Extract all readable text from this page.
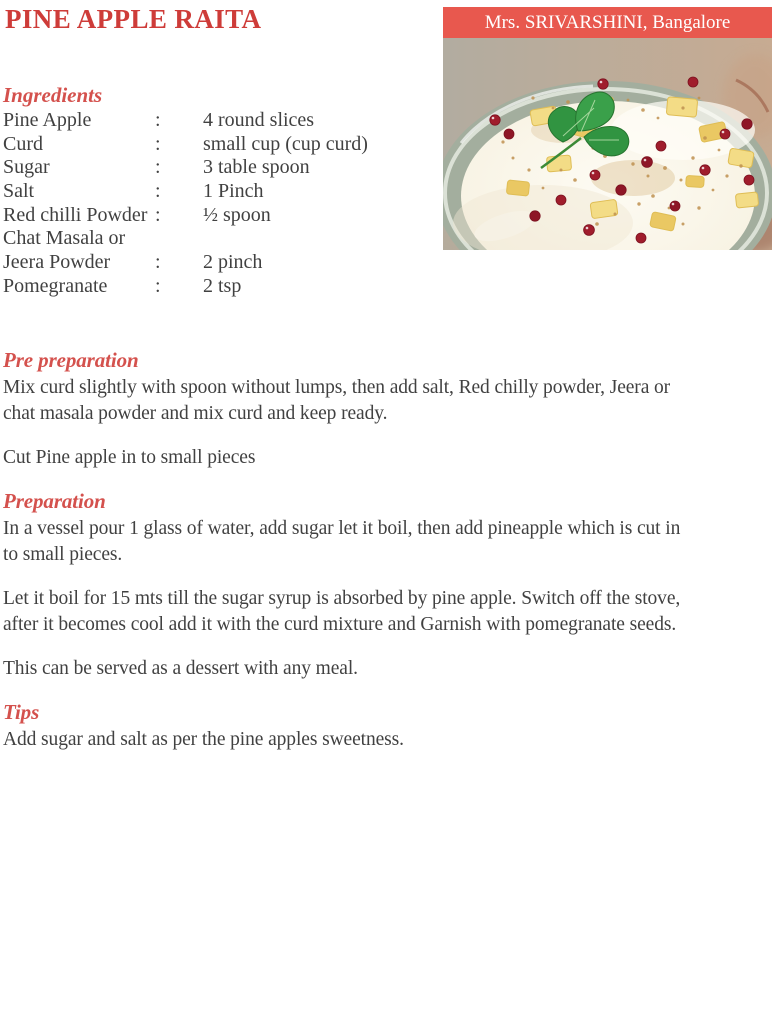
PINE APPLE RAITA	Mrs. SRIVARSHINI, Bangalore
Ingredients
Pine Apple	: 4 round slices
Curd	: small cup (cup curd)
Sugar	: 3 table spoon
Salt	: 1 Pinch
Red chilli Powder : ½ spoon
Chat Masala or
Jeera Powder : 2 pinch
Pomegranate : 2 tsp
Pre preparation
Mix curd slightly with spoon without lumps, then add salt, Red chilly powder, Jeera or
chat masala powder and mix curd and keep ready.
Cut Pine apple in to small pieces
Preparation
In a vessel pour 1 glass of water, add sugar let it boil, then add pineapple which is cut in
to small pieces.
Let it boil for 15 mts till the sugar syrup is absorbed by pine apple. Switch off the stove,
after it becomes cool add it with the curd mixture and Garnish with pomegranate seeds.
This can be served as a dessert with any meal.
Tips
Add sugar and salt as per the pine apples sweetness.
